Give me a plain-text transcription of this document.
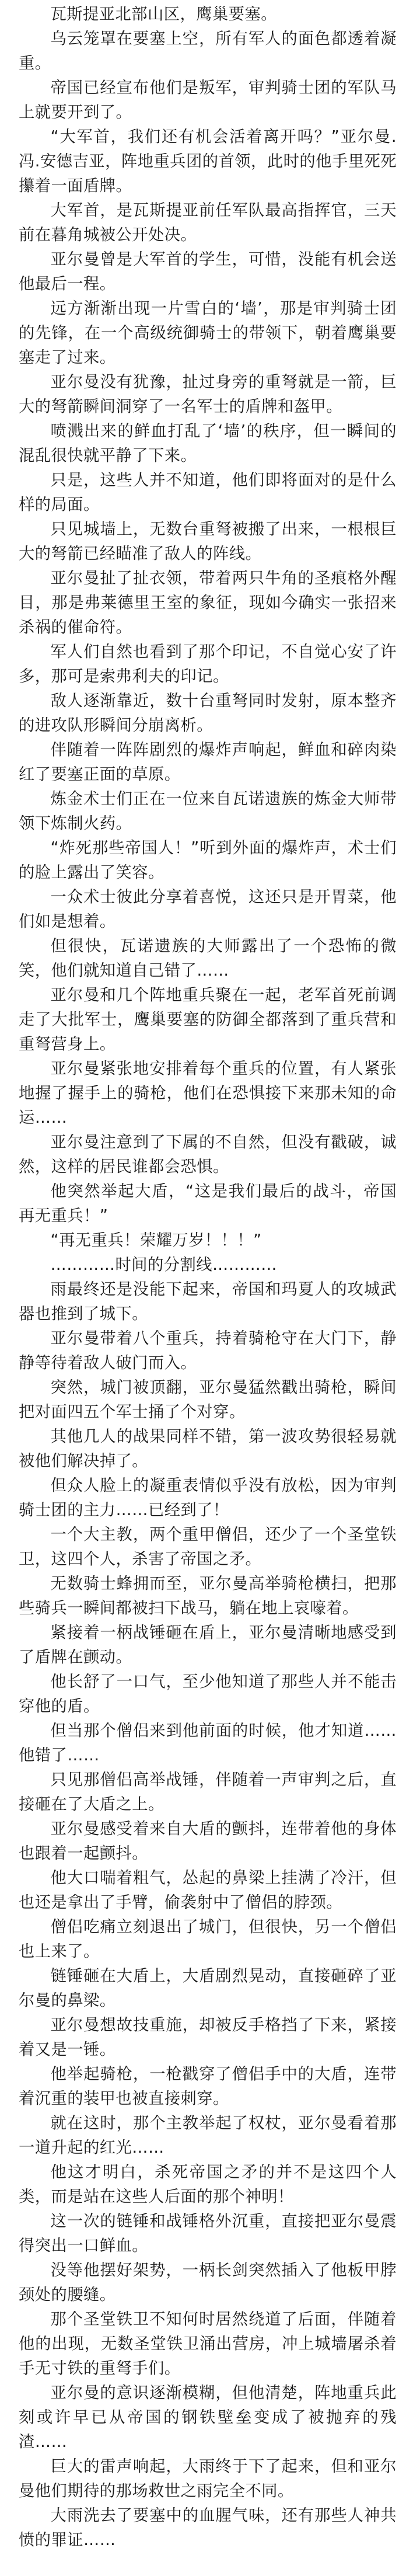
瓦斯提亚北部山区，鹰巢要塞。

乌云笼罩在要塞上空，所有军人的面色都透着凝重。

帝国已经宣布他们是叛军，审判骑士团的军队马上就要开到了。

“大军首，我们还有机会活着离开吗？”亚尔曼.冯.安德吉亚，阵地重兵团的首领，此时的他手里死死攥着一面盾牌。

大军首，是瓦斯提亚前任军队最高指挥官，三天前在暮角城被公开处决。

亚尔曼曾是大军首的学生，可惜，没能有机会送他最后一程。

远方渐渐出现一片雪白的‘墙’，那是审判骑士团的先锋，在一个高级统御骑士的带领下，朝着鹰巢要塞走了过来。

亚尔曼没有犹豫，扯过身旁的重弩就是一箭，巨大的弩箭瞬间洞穿了一名军士的盾牌和盔甲。

喷溅出来的鲜血打乱了‘墙’的秩序，但一瞬间的混乱很快就平静了下来。

只是，这些人并不知道，他们即将面对的是什么样的局面。

只见城墙上，无数台重弩被搬了出来，一根根巨大的弩箭已经瞄准了敌人的阵线。

亚尔曼扯了扯衣领，带着两只牛角的圣痕格外醒目，那是弗莱德里王室的象征，现如今确实一张招来杀祸的催命符。

军人们自然也看到了那个印记，不自觉心安了许多，那可是索弗利夫的印记。

敌人逐渐靠近，数十台重弩同时发射，原本整齐的进攻队形瞬间分崩离析。

伴随着一阵阵剧烈的爆炸声响起，鲜血和碎肉染红了要塞正面的草原。

炼金术士们正在一位来自瓦诺遗族的炼金大师带领下炼制火药。

“炸死那些帝国人！”听到外面的爆炸声，术士们的脸上露出了笑容。

一众术士彼此分享着喜悦，这还只是开胃菜，他们如是想着。

但很快，瓦诺遗族的大师露出了一个恐怖的微笑，他们就知道自己错了……

亚尔曼和几个阵地重兵聚在一起，老军首死前调走了大批军士，鹰巢要塞的防御全都落到了重兵营和重弩营身上。

亚尔曼紧张地安排着每个重兵的位置，有人紧张地握了握手上的骑枪，他们在恐惧接下来那未知的命运……

亚尔曼注意到了下属的不自然，但没有戳破，诚然，这样的居民谁都会恐惧。

他突然举起大盾，“这是我们最后的战斗，帝国再无重兵！”

“再无重兵！荣耀万岁！！！”

…………时间的分割线…………

雨最终还是没能下起来，帝国和玛夏人的攻城武器也推到了城下。

亚尔曼带着八个重兵，持着骑枪守在大门下，静静等待着敌人破门而入。

突然，城门被顶翻，亚尔曼猛然戳出骑枪，瞬间把对面四五个军士捅了个对穿。

其他几人的战果同样不错，第一波攻势很轻易就被他们解决掉了。

但众人脸上的凝重表情似乎没有放松，因为审判骑士团的主力……已经到了！

一个大主教，两个重甲僧侣，还少了一个圣堂铁卫，这四个人，杀害了帝国之矛。

无数骑士蜂拥而至，亚尔曼高举骑枪横扫，把那些骑兵一瞬间都被扫下战马，躺在地上哀嚎着。

紧接着一柄战锤砸在盾上，亚尔曼清晰地感受到了盾牌在颤动。

他长舒了一口气，至少他知道了那些人并不能击穿他的盾。

但当那个僧侣来到他前面的时候，他才知道……他错了……

只见那僧侣高举战锤，伴随着一声审判之后，直接砸在了大盾之上。

亚尔曼感受着来自大盾的颤抖，连带着他的身体也跟着一起颤抖。

他大口喘着粗气，怂起的鼻梁上挂满了冷汗，但也还是拿出了手臂，偷袭射中了僧侣的脖颈。

僧侣吃痛立刻退出了城门，但很快，另一个僧侣也上来了。

链锤砸在大盾上，大盾剧烈晃动，直接砸碎了亚尔曼的鼻梁。

亚尔曼想故技重施，却被反手格挡了下来，紧接着又是一锤。

他举起骑枪，一枪戳穿了僧侣手中的大盾，连带着沉重的装甲也被直接刺穿。

就在这时，那个主教举起了权杖，亚尔曼看着那一道升起的红光……

他这才明白，杀死帝国之矛的并不是这四个人类，而是站在这些人后面的那个神明！

这一次的链锤和战锤格外沉重，直接把亚尔曼震得突出一口鲜血。

没等他摆好架势，一柄长剑突然插入了他板甲脖颈处的腰缝。

那个圣堂铁卫不知何时居然绕道了后面，伴随着他的出现，无数圣堂铁卫涌出营房，冲上城墙屠杀着手无寸铁的重弩手们。

亚尔曼的意识逐渐模糊，但他清楚，阵地重兵此刻或许早已从帝国的钢铁壁垒变成了被抛弃的残渣……

巨大的雷声响起，大雨终于下了起来，但和亚尔曼他们期待的那场救世之雨完全不同。

大雨洗去了要塞中的血腥气味，还有那些人神共愤的罪证……
